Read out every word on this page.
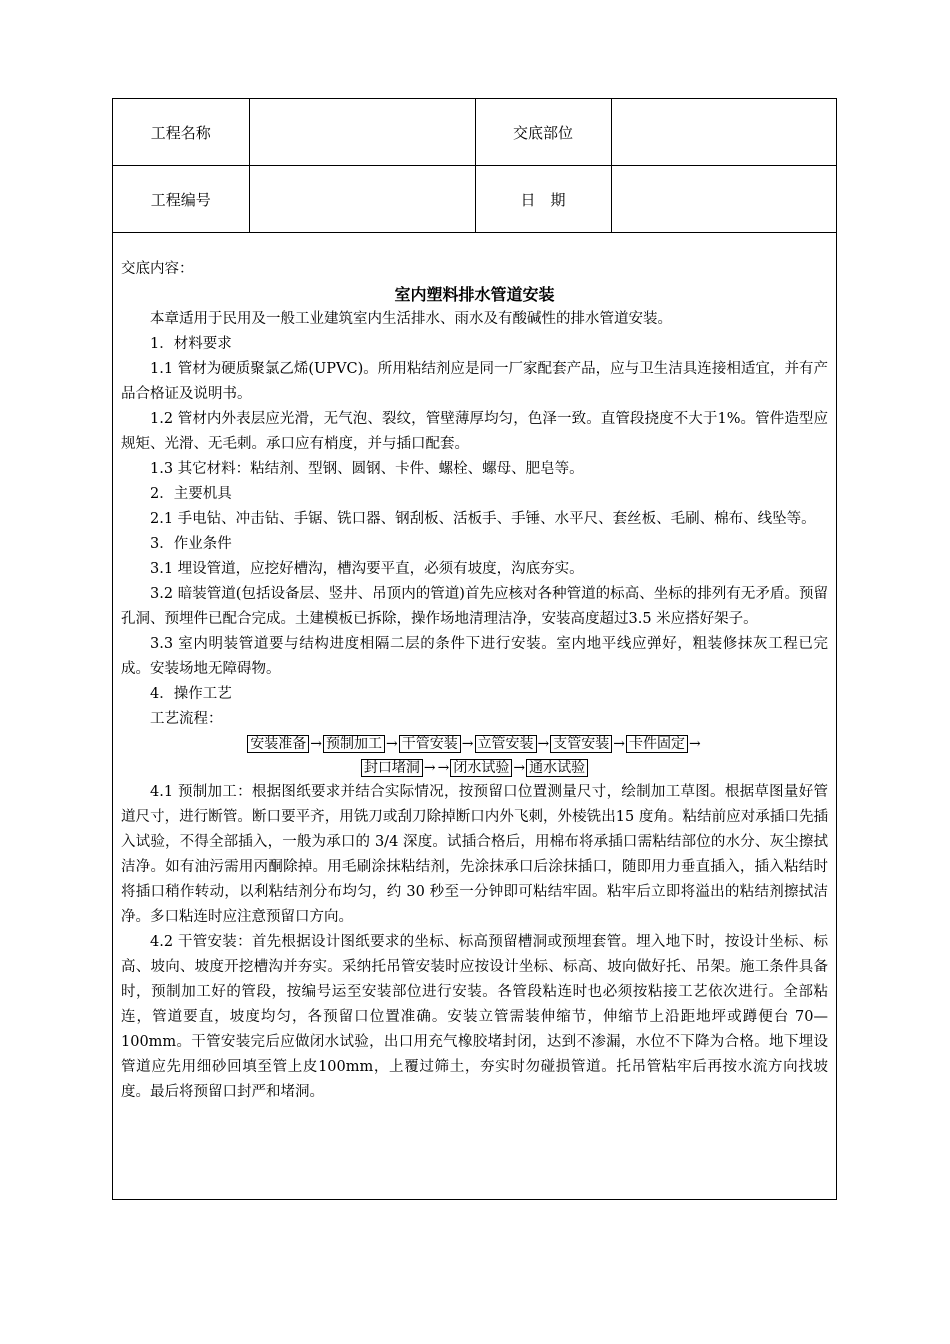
工程名称		交底部位	
工程编号		日　期	

交底内容：

室内塑料排水管道安装

本章适用于民用及一般工业建筑室内生活排水、雨水及有酸碱性的排水管道安装。

1．材料要求

1.1 管材为硬质聚氯乙烯(UPVC)。所用粘结剂应是同一厂家配套产品，应与卫生洁具连接相适宜，并有产品合格证及说明书。

1.2 管材内外表层应光滑，无气泡、裂纹，管壁薄厚均匀，色泽一致。直管段挠度不大于1%。管件造型应规矩、光滑、无毛刺。承口应有梢度，并与插口配套。

1.3 其它材料：粘结剂、型钢、圆钢、卡件、螺栓、螺母、肥皂等。

2．主要机具

2.1 手电钻、冲击钻、手锯、铣口器、钢刮板、活板手、手锤、水平尺、套丝板、毛刷、棉布、线坠等。

3．作业条件

3.1 埋设管道，应挖好槽沟，槽沟要平直，必须有坡度，沟底夯实。

3.2 暗装管道(包括设备层、竖井、吊顶内的管道)首先应核对各种管道的标高、坐标的排列有无矛盾。预留孔洞、预埋件已配合完成。土建模板已拆除，操作场地清理洁净，安装高度超过3.5 米应搭好架子。

3.3 室内明装管道要与结构进度相隔二层的条件下进行安装。室内地平线应弹好，粗装修抹灰工程已完成。安装场地无障碍物。

4．操作工艺

工艺流程：

安装准备 → 预制加工 → 干管安装 → 立管安装 → 支管安装 → 卡件固定 →

封口堵洞 → → 闭水试验 → 通水试验

4.1 预制加工：根据图纸要求并结合实际情况，按预留口位置测量尺寸，绘制加工草图。根据草图量好管道尺寸，进行断管。断口要平齐，用铣刀或刮刀除掉断口内外飞刺，外棱铣出15 度角。粘结前应对承插口先插入试验，不得全部插入，一般为承口的 3/4 深度。试插合格后，用棉布将承插口需粘结部位的水分、灰尘擦拭洁净。如有油污需用丙酮除掉。用毛刷涂抹粘结剂，先涂抹承口后涂抹插口，随即用力垂直插入，插入粘结时将插口稍作转动，以利粘结剂分布均匀，约 30 秒至一分钟即可粘结牢固。粘牢后立即将溢出的粘结剂擦拭洁净。多口粘连时应注意预留口方向。

4.2 干管安装：首先根据设计图纸要求的坐标、标高预留槽洞或预埋套管。埋入地下时，按设计坐标、标高、坡向、坡度开挖槽沟并夯实。采纳托吊管安装时应按设计坐标、标高、坡向做好托、吊架。施工条件具备时，预制加工好的管段，按编号运至安装部位进行安装。各管段粘连时也必须按粘接工艺依次进行。全部粘连，管道要直，坡度均匀，各预留口位置准确。安装立管需装伸缩节，伸缩节上沿距地坪或蹲便台 70—100mm。干管安装完后应做闭水试验，出口用充气橡胶堵封闭，达到不渗漏，水位不下降为合格。地下埋设管道应先用细砂回填至管上皮100mm，上覆过筛土，夯实时勿碰损管道。托吊管粘牢后再按水流方向找坡度。最后将预留口封严和堵洞。
